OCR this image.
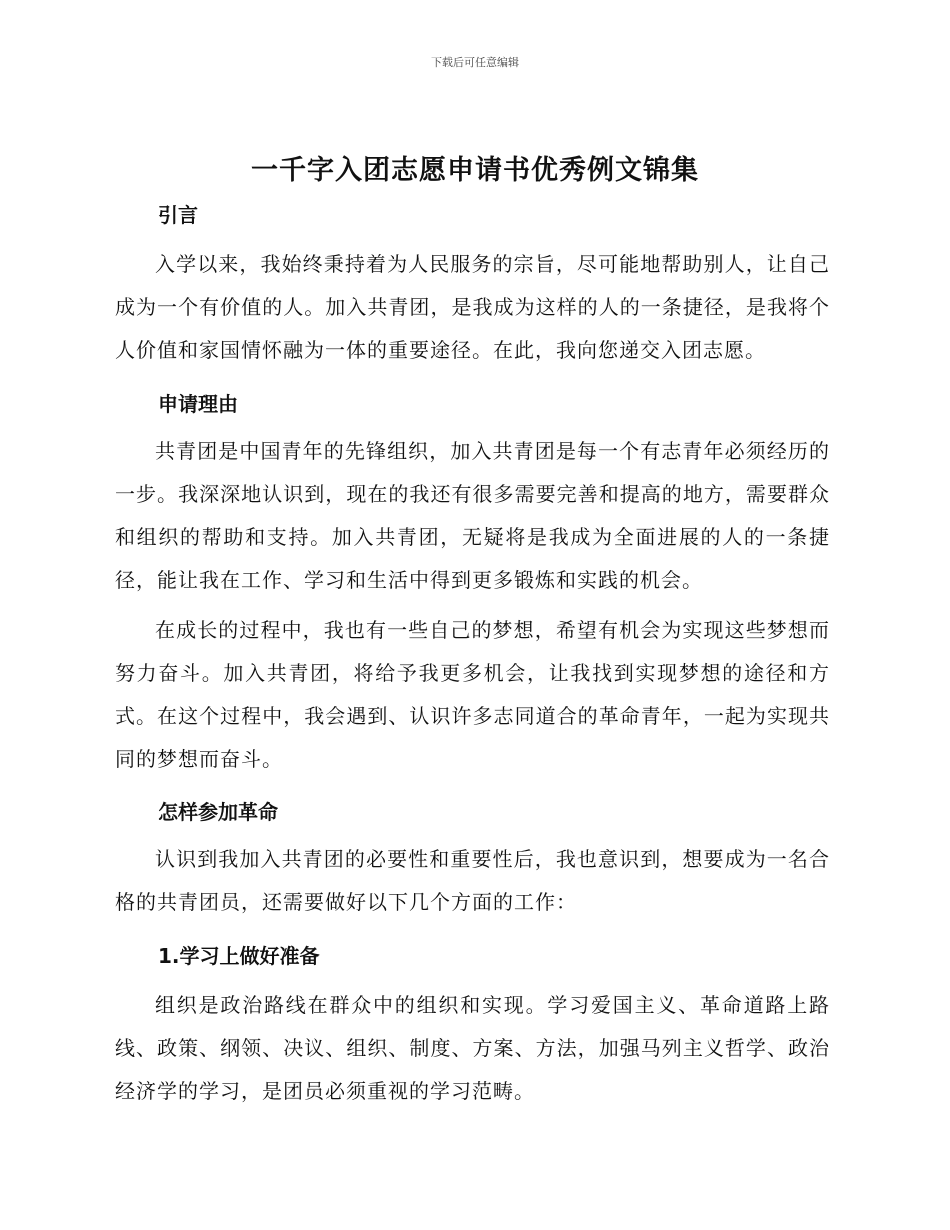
下载后可任意编辑
一千字入团志愿申请书优秀例文锦集
引言

入学以来，我始终秉持着为人民服务的宗旨，尽可能地帮助别人，让自己成为一个有价值的人。加入共青团，是我成为这样的人的一条捷径，是我将个人价值和家国情怀融为一体的重要途径。在此，我向您递交入团志愿。

申请理由

共青团是中国青年的先锋组织，加入共青团是每一个有志青年必须经历的一步。我深深地认识到，现在的我还有很多需要完善和提高的地方，需要群众和组织的帮助和支持。加入共青团，无疑将是我成为全面进展的人的一条捷径，能让我在工作、学习和生活中得到更多锻炼和实践的机会。

在成长的过程中，我也有一些自己的梦想，希望有机会为实现这些梦想而努力奋斗。加入共青团，将给予我更多机会，让我找到实现梦想的途径和方式。在这个过程中，我会遇到、认识许多志同道合的革命青年，一起为实现共同的梦想而奋斗。

怎样参加革命

认识到我加入共青团的必要性和重要性后，我也意识到，想要成为一名合格的共青团员，还需要做好以下几个方面的工作：

1.学习上做好准备

组织是政治路线在群众中的组织和实现。学习爱国主义、革命道路上路线、政策、纲领、决议、组织、制度、方案、方法，加强马列主义哲学、政治经济学的学习，是团员必须重视的学习范畴。
